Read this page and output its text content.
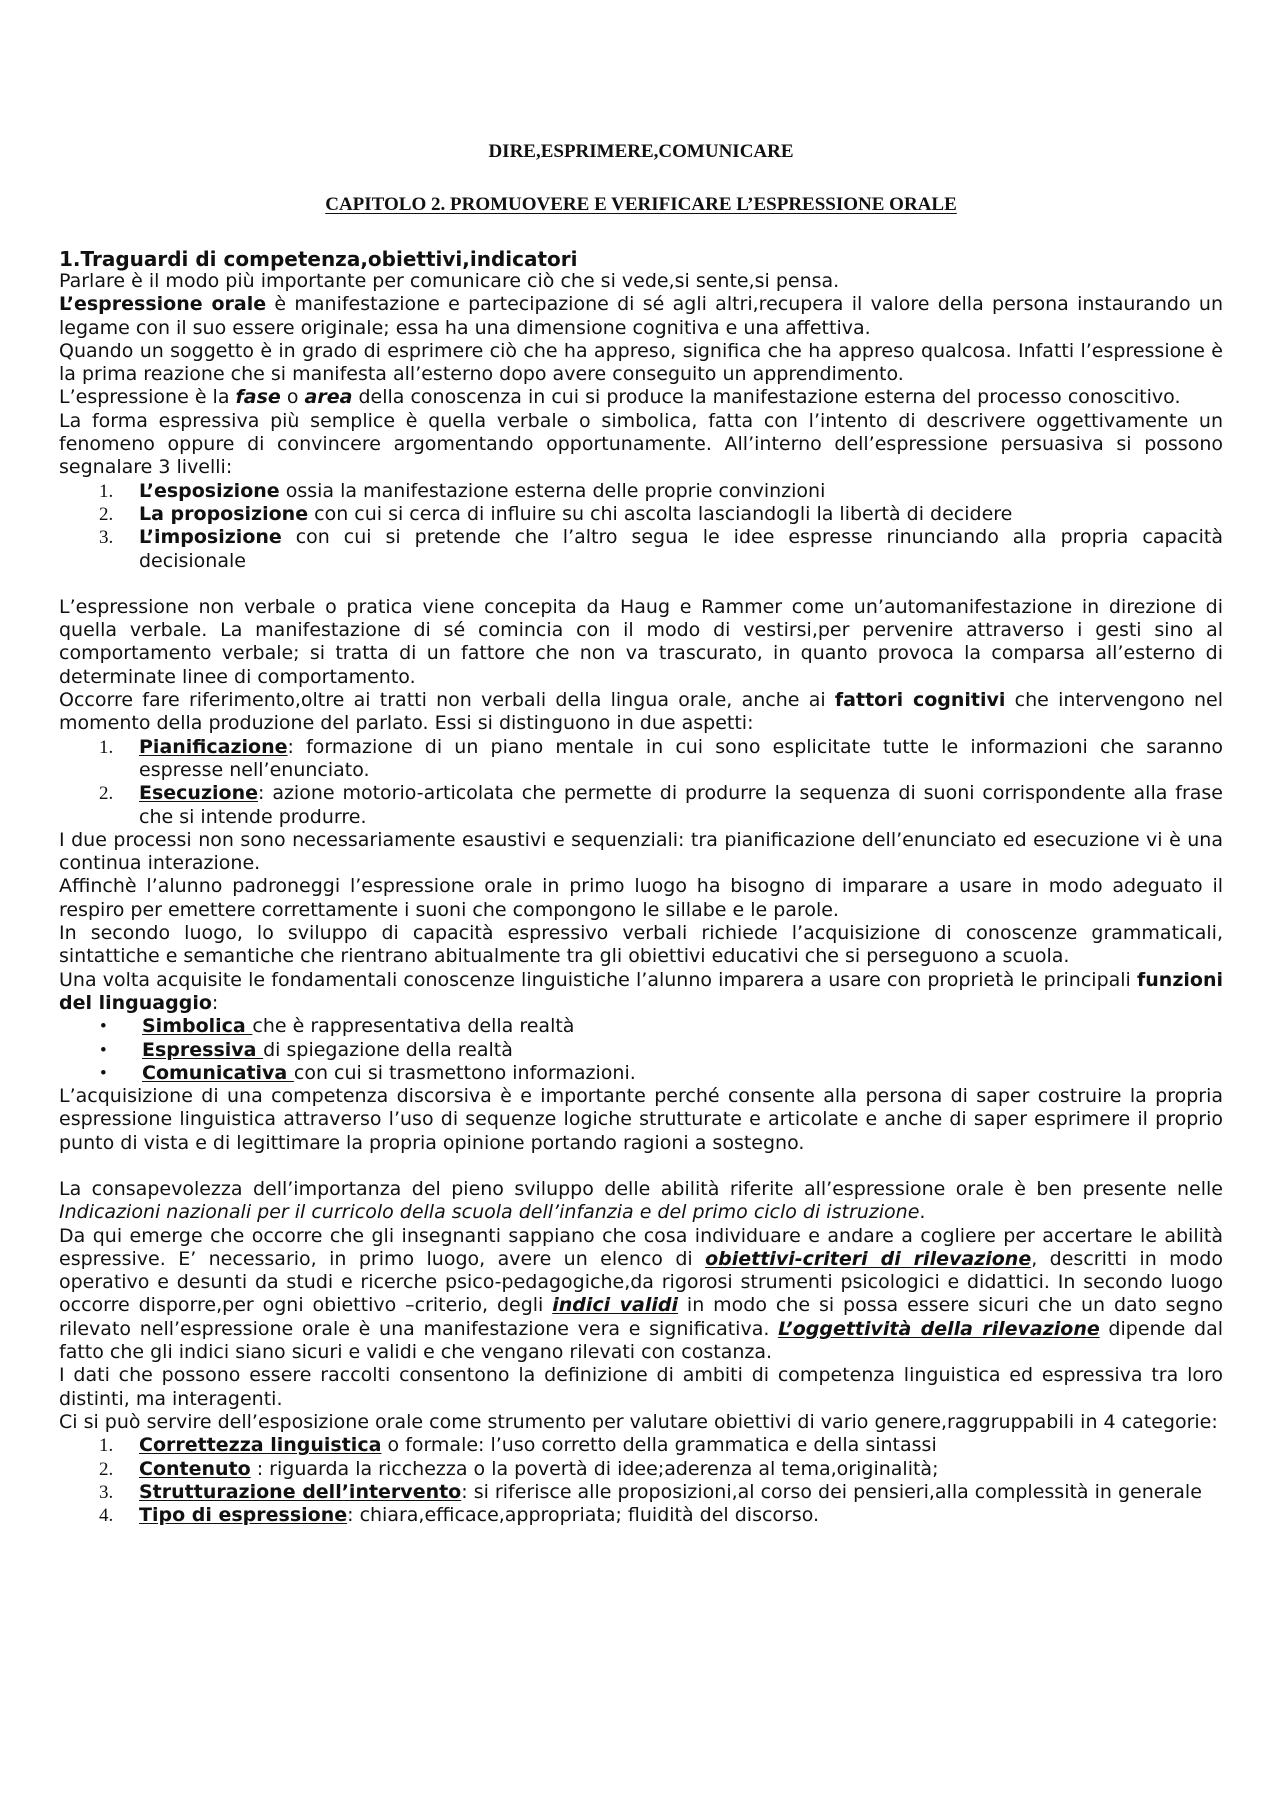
DIRE,ESPRIMERE,COMUNICARE

CAPITOLO 2. PROMUOVERE E VERIFICARE L’ESPRESSIONE ORALE

1.Traguardi di competenza,obiettivi,indicatori

Parlare è il modo più importante per comunicare ciò che si vede,si sente,si pensa.

L’espressione orale è manifestazione e partecipazione di sé agli altri,recupera il valore della persona instaurando un legame con il suo essere originale; essa ha una dimensione cognitiva e una affettiva.

Quando un soggetto è in grado di esprimere ciò che ha appreso, significa che ha appreso qualcosa. Infatti l’espressione è la prima reazione che si manifesta all’esterno dopo avere conseguito un apprendimento.

L’espressione è la fase o area della conoscenza in cui si produce la manifestazione esterna del processo conoscitivo.

La forma espressiva più semplice è quella verbale o simbolica, fatta con l’intento di descrivere oggettivamente un fenomeno oppure di convincere argomentando opportunamente. All’interno dell’espressione persuasiva si possono segnalare 3 livelli:

1. L’esposizione ossia la manifestazione esterna delle proprie convinzioni
2. La proposizione con cui si cerca di influire su chi ascolta lasciandogli la libertà di decidere
3. L’imposizione con cui si pretende che l’altro segua le idee espresse rinunciando alla propria capacità decisionale

L’espressione non verbale o pratica viene concepita da Haug e Rammer come un’automanifestazione in direzione di quella verbale. La manifestazione di sé comincia con il modo di vestirsi,per pervenire attraverso i gesti sino al comportamento verbale; si tratta di un fattore che non va trascurato, in quanto provoca la comparsa all’esterno di determinate linee di comportamento.

Occorre fare riferimento,oltre ai tratti non verbali della lingua orale, anche ai fattori cognitivi che intervengono nel momento della produzione del parlato. Essi si distinguono in due aspetti:

1. Pianificazione: formazione di un piano mentale in cui sono esplicitate tutte le informazioni che saranno espresse nell’enunciato.
2. Esecuzione: azione motorio-articolata che permette di produrre la sequenza di suoni corrispondente alla frase che si intende produrre.

I due processi non sono necessariamente esaustivi e sequenziali: tra pianificazione dell’enunciato ed esecuzione vi è una continua interazione.

Affinchè l’alunno padroneggi l’espressione orale in primo luogo ha bisogno di imparare a usare in modo adeguato il respiro per emettere correttamente i suoni che compongono le sillabe e le parole.

In secondo luogo, lo sviluppo di capacità espressivo verbali richiede l’acquisizione di conoscenze grammaticali, sintattiche e semantiche che rientrano abitualmente tra gli obiettivi educativi che si perseguono a scuola.

Una volta acquisite le fondamentali conoscenze linguistiche l’alunno imparera a usare con proprietà le principali funzioni del linguaggio:

• Simbolica che è rappresentativa della realtà
• Espressiva di spiegazione della realtà
• Comunicativa con cui si trasmettono informazioni.

L’acquisizione di una competenza discorsiva è e importante perché consente alla persona di saper costruire la propria espressione linguistica attraverso l’uso di sequenze logiche strutturate e articolate e anche di saper esprimere il proprio punto di vista e di legittimare la propria opinione portando ragioni a sostegno.

La consapevolezza dell’importanza del pieno sviluppo delle abilità riferite all’espressione orale è ben presente nelle Indicazioni nazionali per il curricolo della scuola dell’infanzia e del primo ciclo di istruzione.

Da qui emerge che occorre che gli insegnanti sappiano che cosa individuare e andare a cogliere per accertare le abilità espressive. E’ necessario, in primo luogo, avere un elenco di obiettivi-criteri di rilevazione, descritti in modo operativo e desunti da studi e ricerche psico-pedagogiche,da rigorosi strumenti psicologici e didattici. In secondo luogo occorre disporre,per ogni obiettivo –criterio, degli indici validi in modo che si possa essere sicuri che un dato segno rilevato nell’espressione orale è una manifestazione vera e significativa. L’oggettività della rilevazione dipende dal fatto che gli indici siano sicuri e validi e che vengano rilevati con costanza.

I dati che possono essere raccolti consentono la definizione di ambiti di competenza linguistica ed espressiva tra loro distinti, ma interagenti.

Ci si può servire dell’esposizione orale come strumento per valutare obiettivi di vario genere,raggruppabili in 4 categorie:

1. Correttezza linguistica o formale: l’uso corretto della grammatica e della sintassi
2. Contenuto : riguarda la ricchezza o la povertà di idee;aderenza al tema,originalità;
3. Strutturazione dell’intervento: si riferisce alle proposizioni,al corso dei pensieri,alla complessità in generale
4. Tipo di espressione: chiara,efficace,appropriata; fluidità del discorso.
